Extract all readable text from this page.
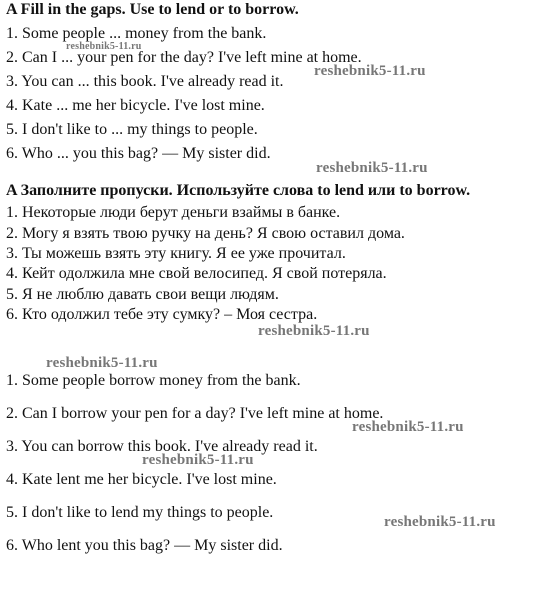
A Fill in the gaps. Use to lend or to borrow.
1. Some people ... money from the bank.
2. Can I ... your pen for the day? I've left mine at home.
3. You can ... this book. I've already read it.
4. Kate ... me her bicycle. I've lost mine.
5. I don't like to ... my things to people.
6. Who ... you this bag? — My sister did.
A Заполните пропуски. Используйте слова to lend или to borrow.
1. Некоторые люди берут деньги взаймы в банке.
2. Могу я взять твою ручку на день? Я свою оставил дома.
3. Ты можешь взять эту книгу. Я ее уже прочитал.
4. Кейт одолжила мне свой велосипед. Я свой потеряла.
5. Я не люблю давать свои вещи людям.
6. Кто одолжил тебе эту сумку? – Моя сестра.
1. Some people borrow money from the bank.
2. Can I borrow your pen for a day? I've left mine at home.
3. You can borrow this book. I've already read it.
4. Kate lent me her bicycle. I've lost mine.
5. I don't like to lend my things to people.
6. Who lent you this bag? — My sister did.
reshebnik5-11.ru
reshebnik5-11.ru
reshebnik5-11.ru
reshebnik5-11.ru
reshebnik5-11.ru
reshebnik5-11.ru
reshebnik5-11.ru
reshebnik5-11.ru
